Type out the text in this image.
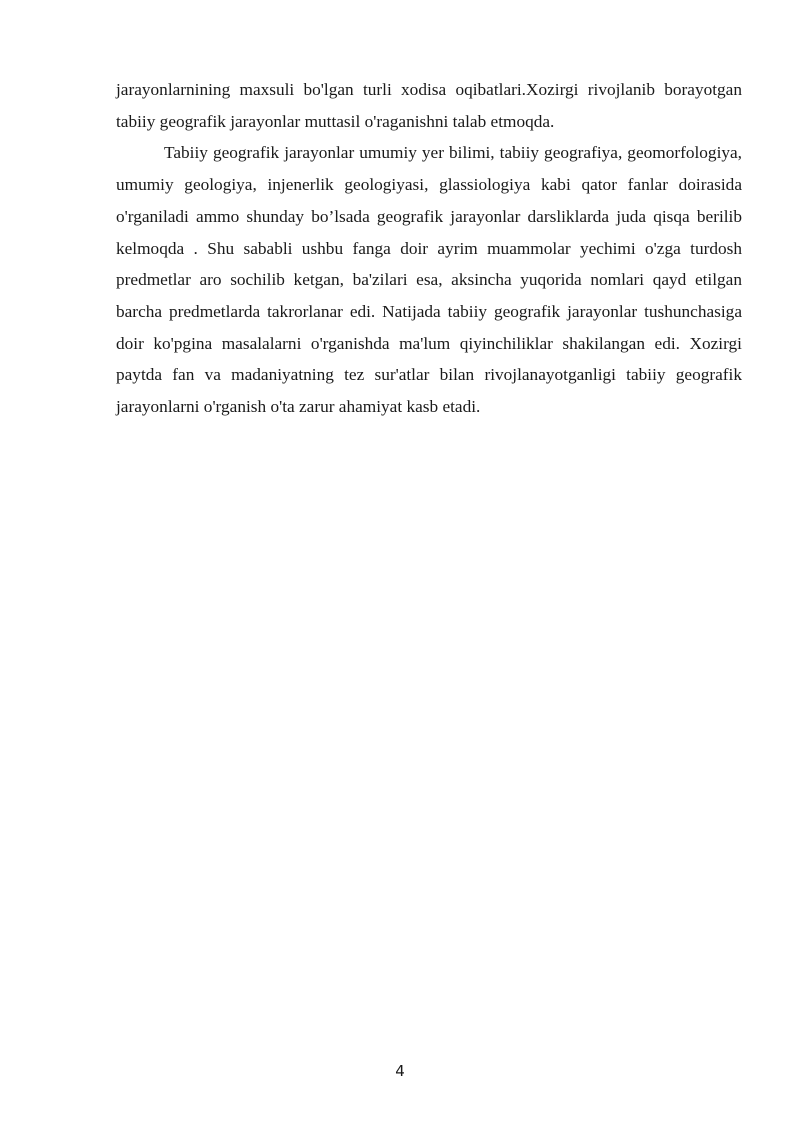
jarayonlarnining maxsuli bo'lgan turli xodisa oqibatlari.Xozirgi rivojlanib borayotgan tabiiy geografik jarayonlar muttasil o'raganishni talab etmoqda.

Tabiiy geografik jarayonlar umumiy yer bilimi, tabiiy geografiya, geomorfologiya, umumiy geologiya, injenerlik geologiyasi, glassiologiya kabi qator fanlar doirasida o'rganiladi ammo shunday bo’lsada geografik jarayonlar darsliklarda juda qisqa berilib kelmoqda . Shu sababli ushbu fanga doir ayrim muammolar yechimi o'zga turdosh predmetlar aro sochilib ketgan, ba'zilari esa, aksincha yuqorida nomlari qayd etilgan barcha predmetlarda takrorlanar edi. Natijada tabiiy geografik jarayonlar tushunchasiga doir ko'pgina masalalarni o'rganishda ma'lum qiyinchiliklar shakilangan edi. Xozirgi paytda fan va madaniyatning tez sur'atlar bilan rivojlanayotganligi tabiiy geografik jarayonlarni o'rganish o'ta zarur ahamiyat kasb etadi.

4
